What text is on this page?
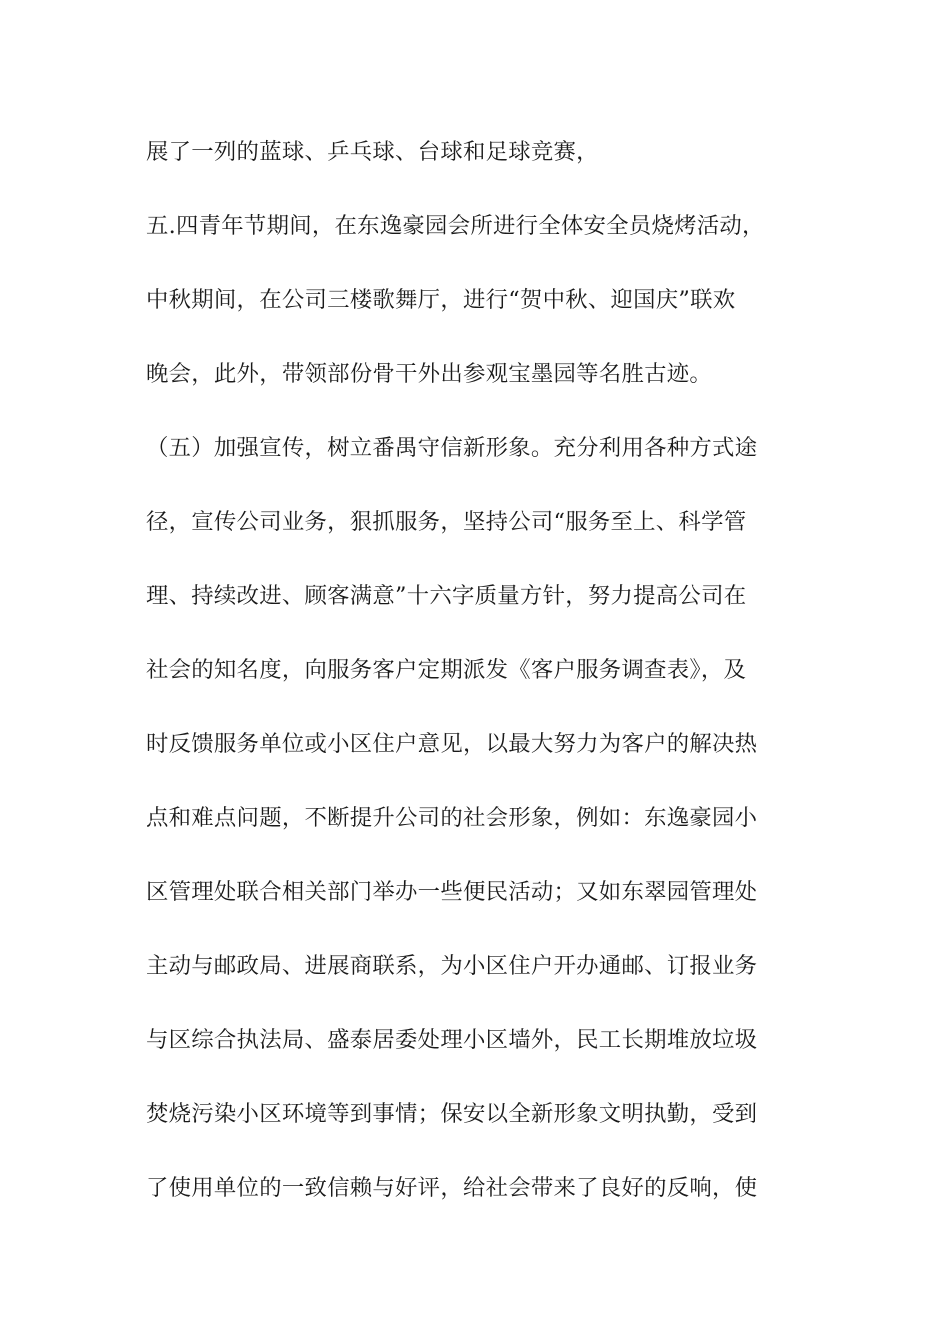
展了一列的蓝球、乒乓球、台球和足球竞赛，
五.四青年节期间，在东逸豪园会所进行全体安全员烧烤活动，
中秋期间，在公司三楼歌舞厅，进行“贺中秋、迎国庆”联欢
晚会，此外，带领部份骨干外出参观宝墨园等名胜古迹。
（五）加强宣传，树立番禺守信新形象。充分利用各种方式途
径，宣传公司业务，狠抓服务，坚持公司“服务至上、科学管
理、持续改进、顾客满意”十六字质量方针，努力提高公司在
社会的知名度，向服务客户定期派发《客户服务调查表》，及
时反馈服务单位或小区住户意见，以最大努力为客户的解决热
点和难点问题，不断提升公司的社会形象，例如：东逸豪园小
区管理处联合相关部门举办一些便民活动；又如东翠园管理处
主动与邮政局、进展商联系，为小区住户开办通邮、订报业务
与区综合执法局、盛泰居委处理小区墙外，民工长期堆放垃圾
焚烧污染小区环境等到事情；保安以全新形象文明执勤，受到
了使用单位的一致信赖与好评，给社会带来了良好的反响，使
